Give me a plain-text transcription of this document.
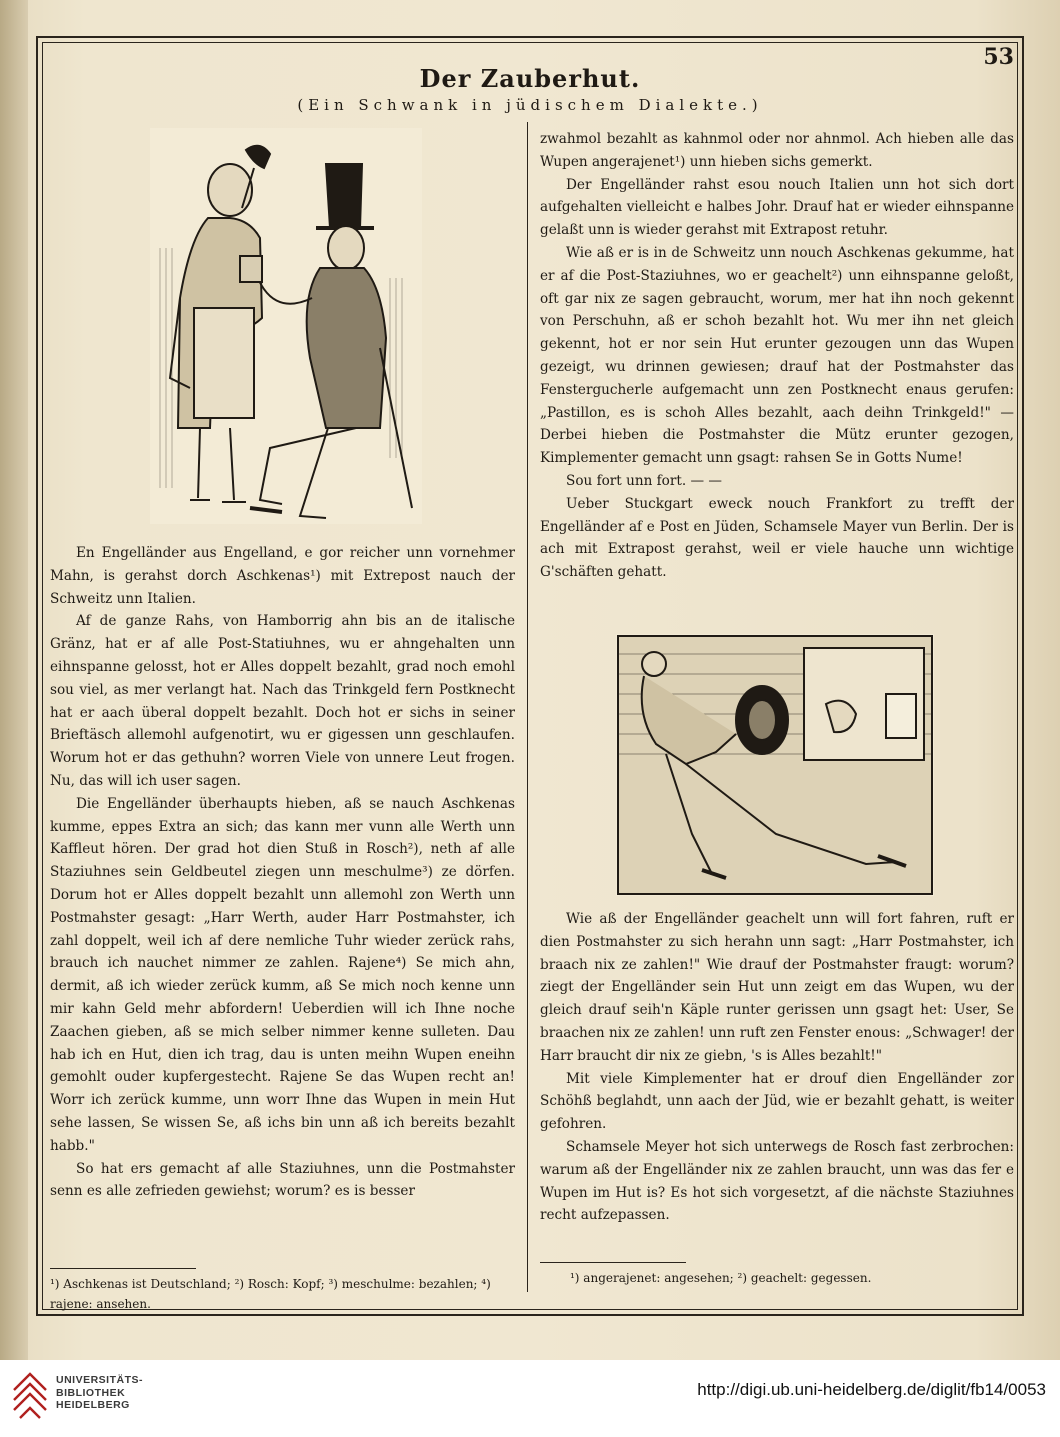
53
Der Zauberhut.
(Ein Schwank in jüdischem Dialekte.)

En Engelländer aus Engelland, e gor reicher unn vornehmer Mahn, is gerahst dorch Aschkenas¹) mit Extrepost nauch der Schweitz unn Italien.

Af de ganze Rahs, von Hamborrig ahn bis an de italische Gränz, hat er af alle Post-Statiuhnes, wu er ahngehalten unn eihnspanne gelosst, hot er Alles doppelt bezahlt, grad noch emohl sou viel, as mer verlangt hat. Nach das Trinkgeld fern Postknecht hat er aach überal doppelt bezahlt. Doch hot er sichs in seiner Brieftäsch allemohl aufgenotirt, wu er gigessen unn geschlaufen. Worum hot er das gethuhn? worren Viele von unnere Leut frogen. Nu, das will ich user sagen.

Die Engelländer überhaupts hieben, aß se nauch Aschkenas kumme, eppes Extra an sich; das kann mer vunn alle Werth unn Kaffleut hören. Der grad hot dien Stuß in Rosch²), neth af alle Staziuhnes sein Geldbeutel ziegen unn meschulme³) ze dörfen. Dorum hot er Alles doppelt bezahlt unn allemohl zon Werth unn Postmahster gesagt: „Harr Werth, auder Harr Postmahster, ich zahl doppelt, weil ich af dere nemliche Tuhr wieder zerück rahs, brauch ich nauchet nimmer ze zahlen. Rajene⁴) Se mich ahn, dermit, aß ich wieder zerück kumm, aß Se mich noch kenne unn mir kahn Geld mehr abfordern! Ueberdien will ich Ihne noche Zaachen gieben, aß se mich selber nimmer kenne sulleten. Dau hab ich en Hut, dien ich trag, dau is unten meihn Wupen eneihn gemohlt ouder kupfergestecht. Rajene Se das Wupen recht an! Worr ich zerück kumme, unn worr Ihne das Wupen in mein Hut sehe lassen, Se wissen Se, aß ichs bin unn aß ich bereits bezahlt habb."

So hat ers gemacht af alle Staziuhnes, unn die Postmahster senn es alle zefrieden gewiehst; worum? es is besser

¹) Aschkenas ist Deutschland; ²) Rosch: Kopf; ³) meschulme: bezahlen; ⁴) rajene: ansehen.

zwahmol bezahlt as kahnmol oder nor ahnmol. Ach hieben alle das Wupen angerajenet¹) unn hieben sichs gemerkt.

Der Engelländer rahst esou nouch Italien unn hot sich dort aufgehalten vielleicht e halbes Johr. Drauf hat er wieder eihnspanne gelaßt unn is wieder gerahst mit Extrapost retuhr.

Wie aß er is in de Schweitz unn nouch Aschkenas gekumme, hat er af die Post-Staziuhnes, wo er geachelt²) unn eihnspanne geloßt, oft gar nix ze sagen gebraucht, worum, mer hat ihn noch gekennt von Perschuhn, aß er schoh bezahlt hot. Wu mer ihn net gleich gekennt, hot er nor sein Hut erunter gezougen unn das Wupen gezeigt, wu drinnen gewiesen; drauf hat der Postmahster das Fenstergucherle aufgemacht unn zen Postknecht enaus gerufen: „Pastillon, es is schoh Alles bezahlt, aach deihn Trinkgeld!" — Derbei hieben die Postmahster die Mütz erunter gezogen, Kimplementer gemacht unn gsagt: rahsen Se in Gotts Nume!

Sou fort unn fort. — —

Ueber Stuckgart eweck nouch Frankfort zu trefft der Engelländer af e Post en Jüden, Schamsele Mayer vun Berlin. Der is ach mit Extrapost gerahst, weil er viele hauche unn wichtige G'schäften gehatt.

Wie aß der Engelländer geachelt unn will fort fahren, ruft er dien Postmahster zu sich herahn unn sagt: „Harr Postmahster, ich braach nix ze zahlen!" Wie drauf der Postmahster fraugt: worum? ziegt der Engelländer sein Hut unn zeigt em das Wupen, wu der gleich drauf seih'n Käple runter gerissen unn gsagt het: User, Se braachen nix ze zahlen! unn ruft zen Fenster enous: „Schwager! der Harr braucht dir nix ze giebn, 's is Alles bezahlt!"

Mit viele Kimplementer hat er drouf dien Engelländer zor Schöhß beglahdt, unn aach der Jüd, wie er bezahlt gehatt, is weiter gefohren.

Schamsele Meyer hot sich unterwegs de Rosch fast zerbrochen: warum aß der Engelländer nix ze zahlen braucht, unn was das fer e Wupen im Hut is? Es hot sich vorgesetzt, af die nächste Staziuhnes recht aufzepassen.

¹) angerajenet: angesehen; ²) geachelt: gegessen.
UNIVERSITÄTS-
BIBLIOTHEK
HEIDELBERG
http://digi.ub.uni-heidelberg.de/diglit/fb14/0053
